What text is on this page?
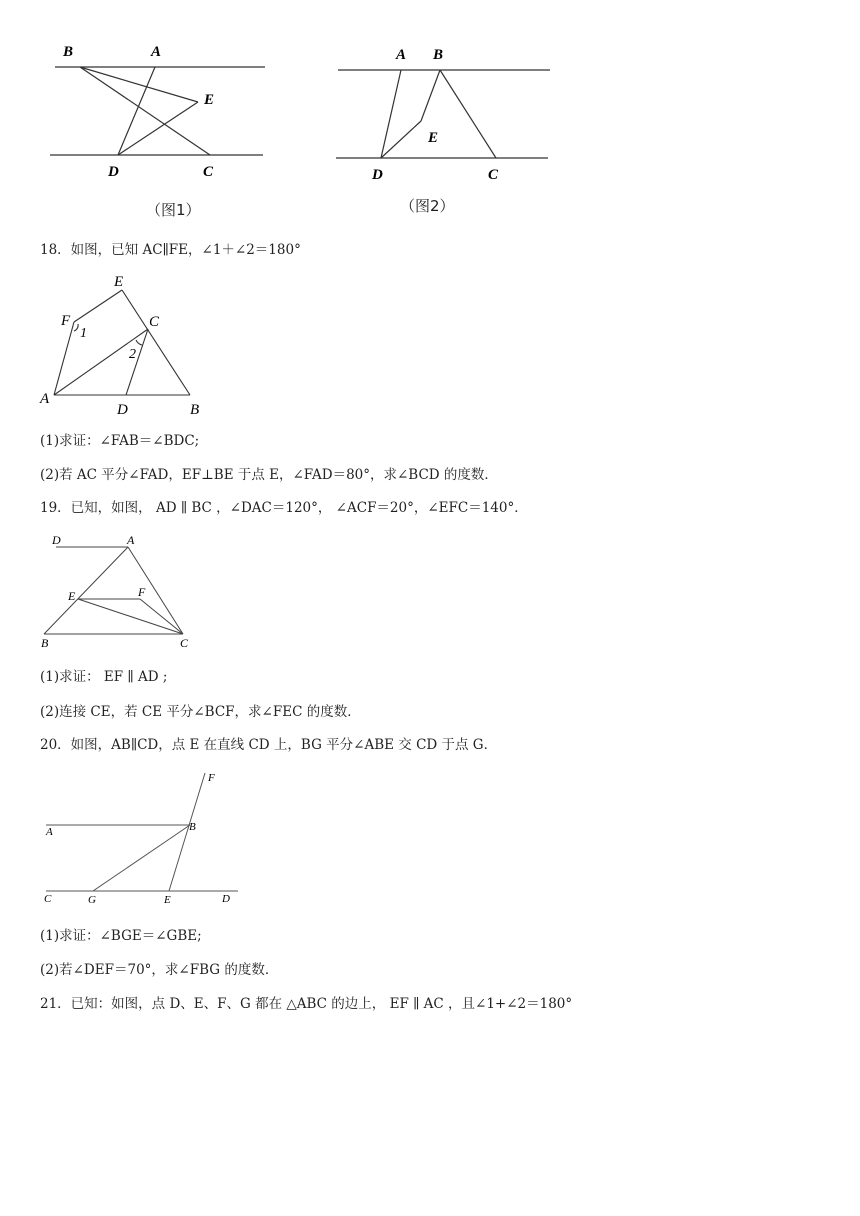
B	A
E
D	C
（图1）
A B
E
D	C
（图2）
18．如图，已知 AC∥FE，∠1＋∠2＝180°
E
F
1
C
2
A
D	B
(1)求证：∠FAB＝∠BDC;
(2)若 AC 平分∠FAD，EF⊥BE 于点 E，∠FAD＝80°，求∠BCD 的度数．
19．已知，如图， AD ∥ BC ，∠DAC＝120°， ∠ACF＝20°，∠EFC＝140°．
D	A
E	F
B	C
(1)求证： EF ∥ AD ;
(2)连接 CE，若 CE 平分∠BCF，求∠FEC 的度数．
20．如图，AB∥CD，点 E 在直线 CD 上，BG 平分∠ABE 交 CD 于点 G．
F
A	B
C	G	E	D
(1)求证：∠BGE＝∠GBE;
(2)若∠DEF＝70°，求∠FBG 的度数．
21．已知：如图，点 D、E、F、G 都在 △ABC 的边上， EF ∥ AC ，且∠1+∠2＝180°
